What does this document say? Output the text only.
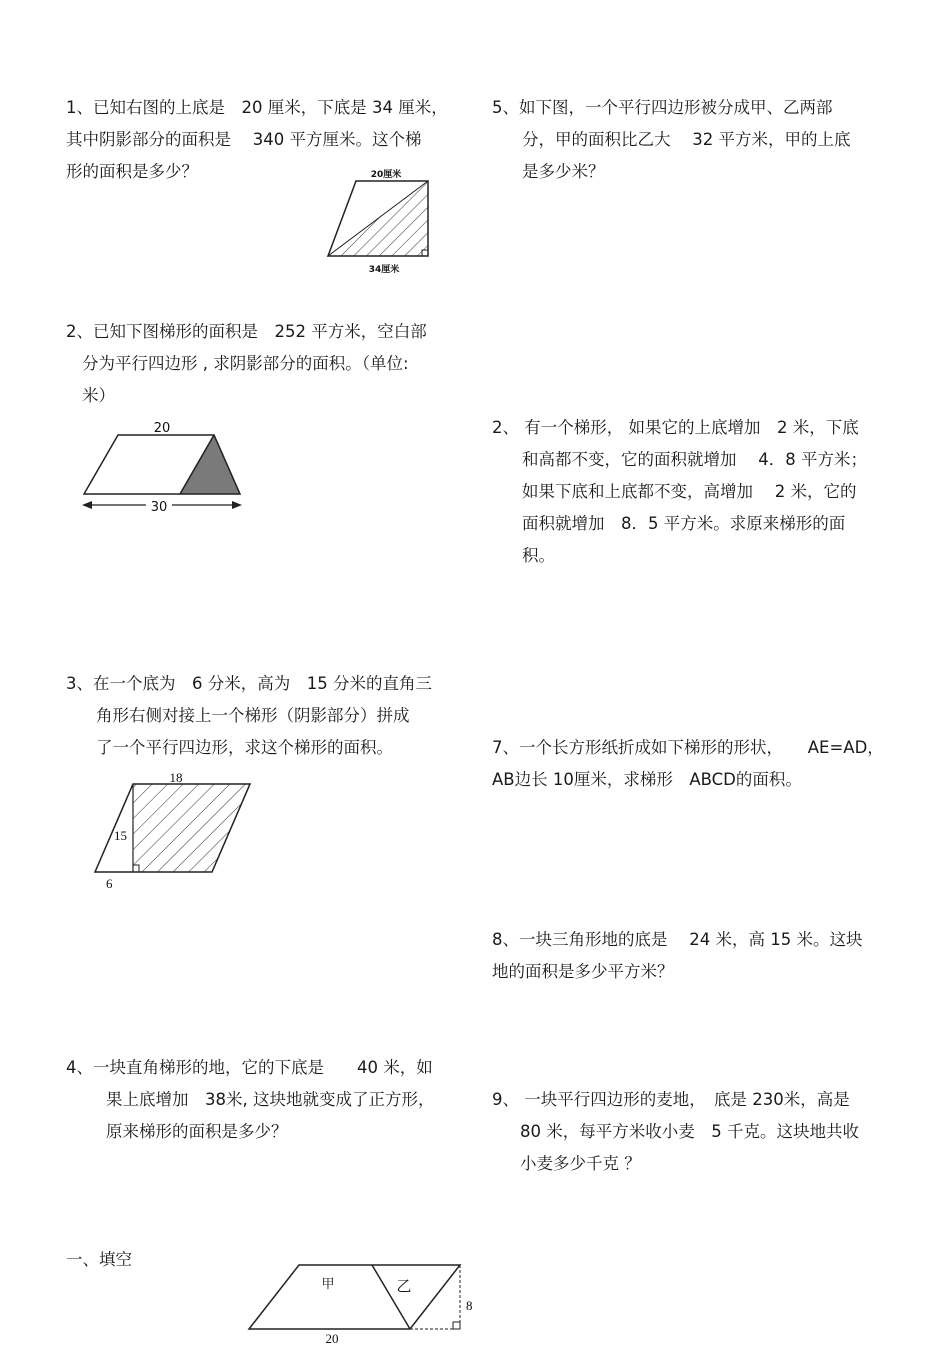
1、已知右图的上底是　20 厘米，下底是 34 厘米，

其中阴影部分的面积是　 340 平方厘米。这个梯

形的面积是多少？	20厘米
34厘米

2、已知下图梯形的面积是　252 平方米，空白部

分为平行四边形 , 求阴影部分的面积。（单位:

米）

20
30

3、在一个底为　6 分米，高为　15 分米的直角三

角形右侧对接上一个梯形（阴影部分）拼成

了一个平行四边形，求这个梯形的面积。

18
15
6

4、一块直角梯形的地，它的下底是　　40 米，如

果上底增加　38米, 这块地就变成了正方形，

原来梯形的面积是多少？

一、填空

甲	乙
8
20

5、如下图，一个平行四边形被分成甲、乙两部

分，甲的面积比乙大　 32 平方米，甲的上底

是多少米？

2、 有一个梯形， 如果它的上底增加　2 米，下底

和高都不变，它的面积就增加　 4．8 平方米；

如果下底和上底都不变，高增加　 2 米，它的

面积就增加　8．5 平方米。求原来梯形的面

积。

7、一个长方形纸折成如下梯形的形状，　　AE=AD，

AB边长 10厘米，求梯形　ABCD的面积。

8、一块三角形地的底是　 24 米，高 15 米。这块

地的面积是多少平方米？

9、 一块平行四边形的麦地，　底是 230米，高是

80 米，每平方米收小麦　5 千克。这块地共收

小麦多少千克 ？
